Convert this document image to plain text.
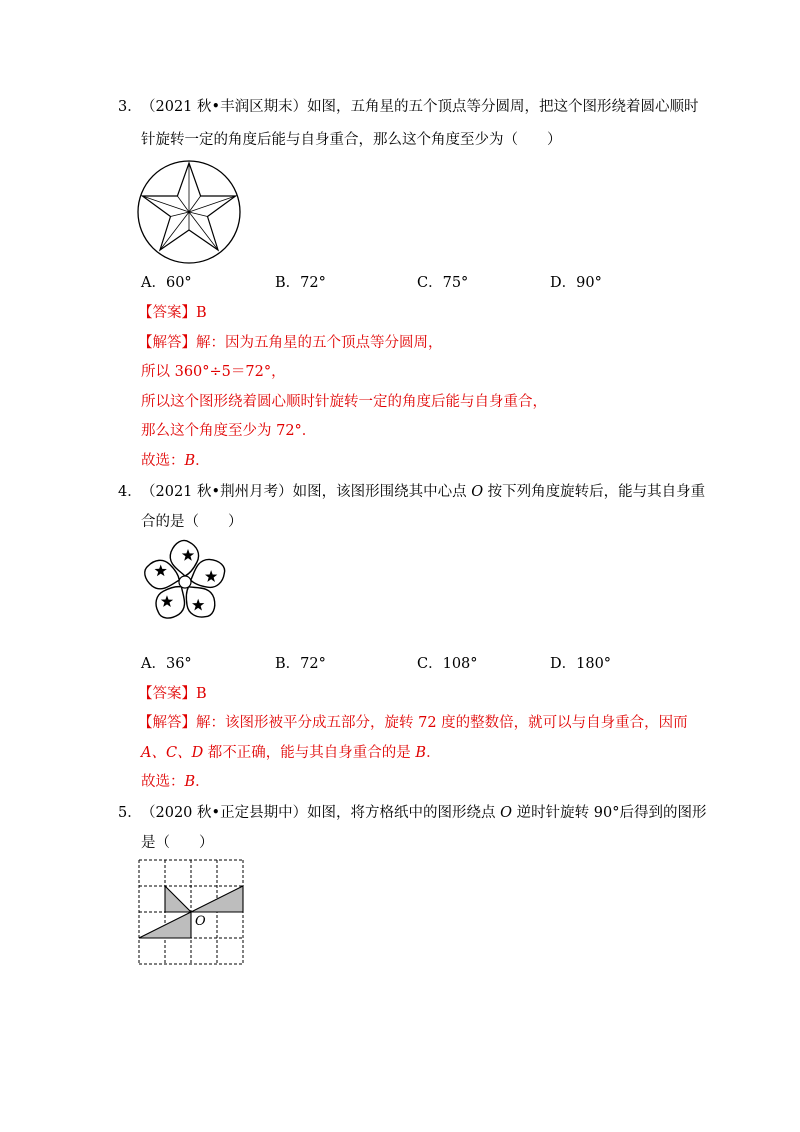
3． （2021 秋•丰润区期末）如图，五角星的五个顶点等分圆周，把这个图形绕着圆心顺时
针旋转一定的角度后能与自身重合，那么这个角度至少为（　　）
A．60°	B．72°	C．75°	D．90°
【答案】B
【解答】解：因为五角星的五个顶点等分圆周，
所以 360°÷5＝72°，
所以这个图形绕着圆心顺时针旋转一定的角度后能与自身重合，
那么这个角度至少为 72°．
故选：B．
4． （2021 秋•荆州月考）如图，该图形围绕其中心点 O 按下列角度旋转后，能与其自身重
合的是（　　）
A．36°	B．72°	C．108°	D．180°
【答案】B
【解答】解：该图形被平分成五部分，旋转 72 度的整数倍，就可以与自身重合，因而
A、C、D 都不正确，能与其自身重合的是 B．
故选：B．
5． （2020 秋•正定县期中）如图，将方格纸中的图形绕点 O 逆时针旋转 90°后得到的图形
是（　　）
O
